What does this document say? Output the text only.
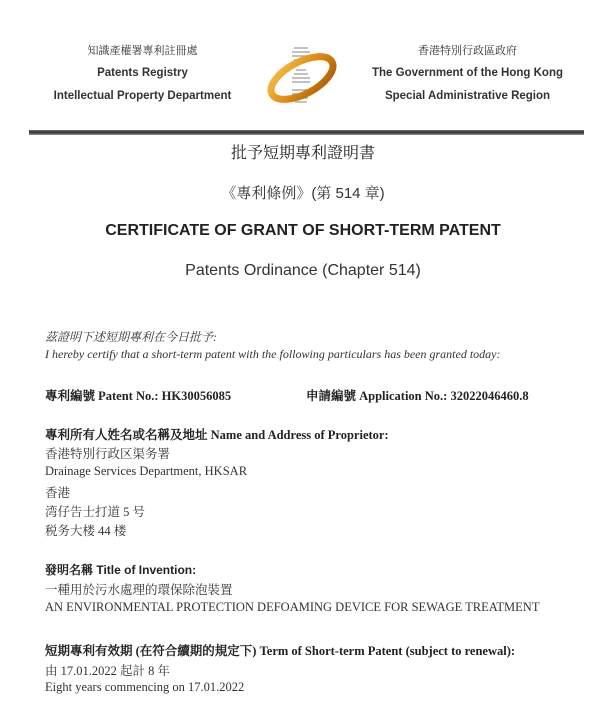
知識產權署專利註冊處
Patents Registry
Intellectual Property Department
香港特別行政區政府
The Government of the Hong Kong
Special Administrative Region
批予短期專利證明書
《專利條例》(第 514 章)
CERTIFICATE OF GRANT OF SHORT-TERM PATENT
Patents Ordinance (Chapter 514)
茲證明下述短期專利在今日批予:
I hereby certify that a short-term patent with the following particulars has been granted today:
專利編號 Patent No.: HK30056085	申請編號 Application No.: 32022046460.8
專利所有人姓名或名稱及地址 Name and Address of Proprietor:
香港特別行政区渠务署
Drainage Services Department, HKSAR
香港
湾仔告士打道 5 号
税务大楼 44 楼
發明名稱 Title of Invention:
一種用於污水處理的環保除泡裝置
AN ENVIRONMENTAL PROTECTION DEFOAMING DEVICE FOR SEWAGE TREATMENT
短期專利有效期 (在符合續期的規定下) Term of Short-term Patent (subject to renewal):
由 17.01.2022 起計 8 年
Eight years commencing on 17.01.2022
